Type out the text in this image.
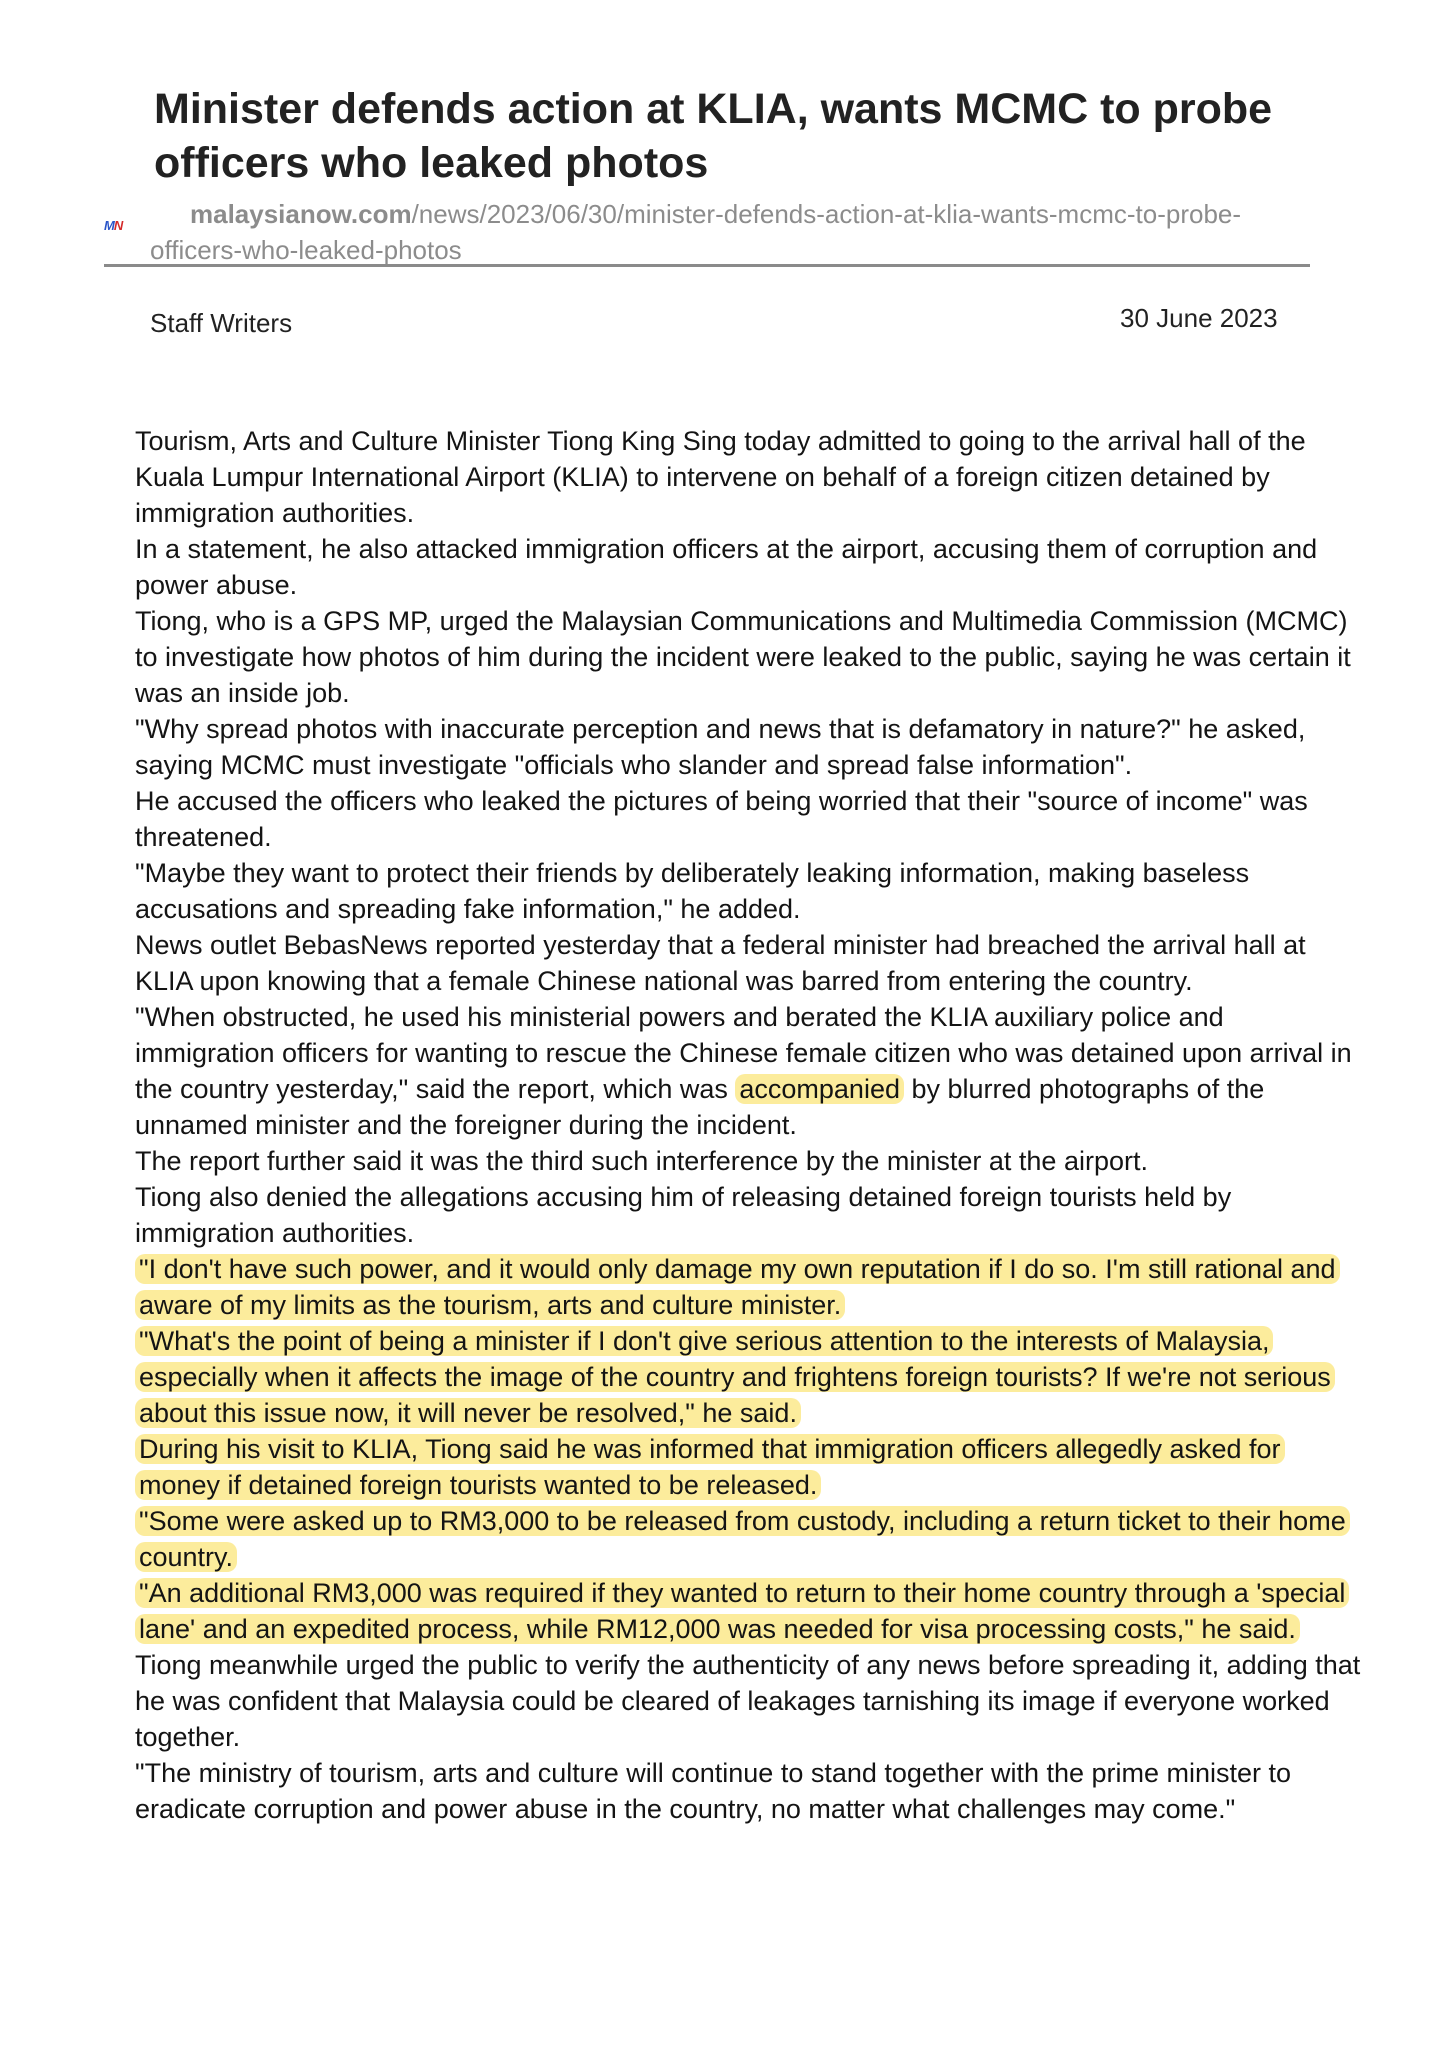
Minister defends action at KLIA, wants MCMC to probe officers who leaked photos
MN	malaysianow.com/news/2023/06/30/minister-defends-action-at-klia-wants-mcmc-to-probe-officers-who-leaked-photos

Staff Writers	30 June 2023

Tourism, Arts and Culture Minister Tiong King Sing today admitted to going to the arrival hall of the Kuala Lumpur International Airport (KLIA) to intervene on behalf of a foreign citizen detained by immigration authorities.

In a statement, he also attacked immigration officers at the airport, accusing them of corruption and power abuse.

Tiong, who is a GPS MP, urged the Malaysian Communications and Multimedia Commission (MCMC) to investigate how photos of him during the incident were leaked to the public, saying he was certain it was an inside job.

"Why spread photos with inaccurate perception and news that is defamatory in nature?" he asked, saying MCMC must investigate "officials who slander and spread false information".

He accused the officers who leaked the pictures of being worried that their "source of income" was threatened.

"Maybe they want to protect their friends by deliberately leaking information, making baseless accusations and spreading fake information," he added.

News outlet BebasNews reported yesterday that a federal minister had breached the arrival hall at KLIA upon knowing that a female Chinese national was barred from entering the country.

"When obstructed, he used his ministerial powers and berated the KLIA auxiliary police and immigration officers for wanting to rescue the Chinese female citizen who was detained upon arrival in the country yesterday," said the report, which was accompanied by blurred photographs of the unnamed minister and the foreigner during the incident.

The report further said it was the third such interference by the minister at the airport.

Tiong also denied the allegations accusing him of releasing detained foreign tourists held by immigration authorities.

"I don't have such power, and it would only damage my own reputation if I do so. I'm still rational and aware of my limits as the tourism, arts and culture minister.

"What's the point of being a minister if I don't give serious attention to the interests of Malaysia, especially when it affects the image of the country and frightens foreign tourists? If we're not serious about this issue now, it will never be resolved," he said.

During his visit to KLIA, Tiong said he was informed that immigration officers allegedly asked for money if detained foreign tourists wanted to be released.

"Some were asked up to RM3,000 to be released from custody, including a return ticket to their home country.

"An additional RM3,000 was required if they wanted to return to their home country through a 'special lane' and an expedited process, while RM12,000 was needed for visa processing costs," he said.

Tiong meanwhile urged the public to verify the authenticity of any news before spreading it, adding that he was confident that Malaysia could be cleared of leakages tarnishing its image if everyone worked together.

"The ministry of tourism, arts and culture will continue to stand together with the prime minister to eradicate corruption and power abuse in the country, no matter what challenges may come."
